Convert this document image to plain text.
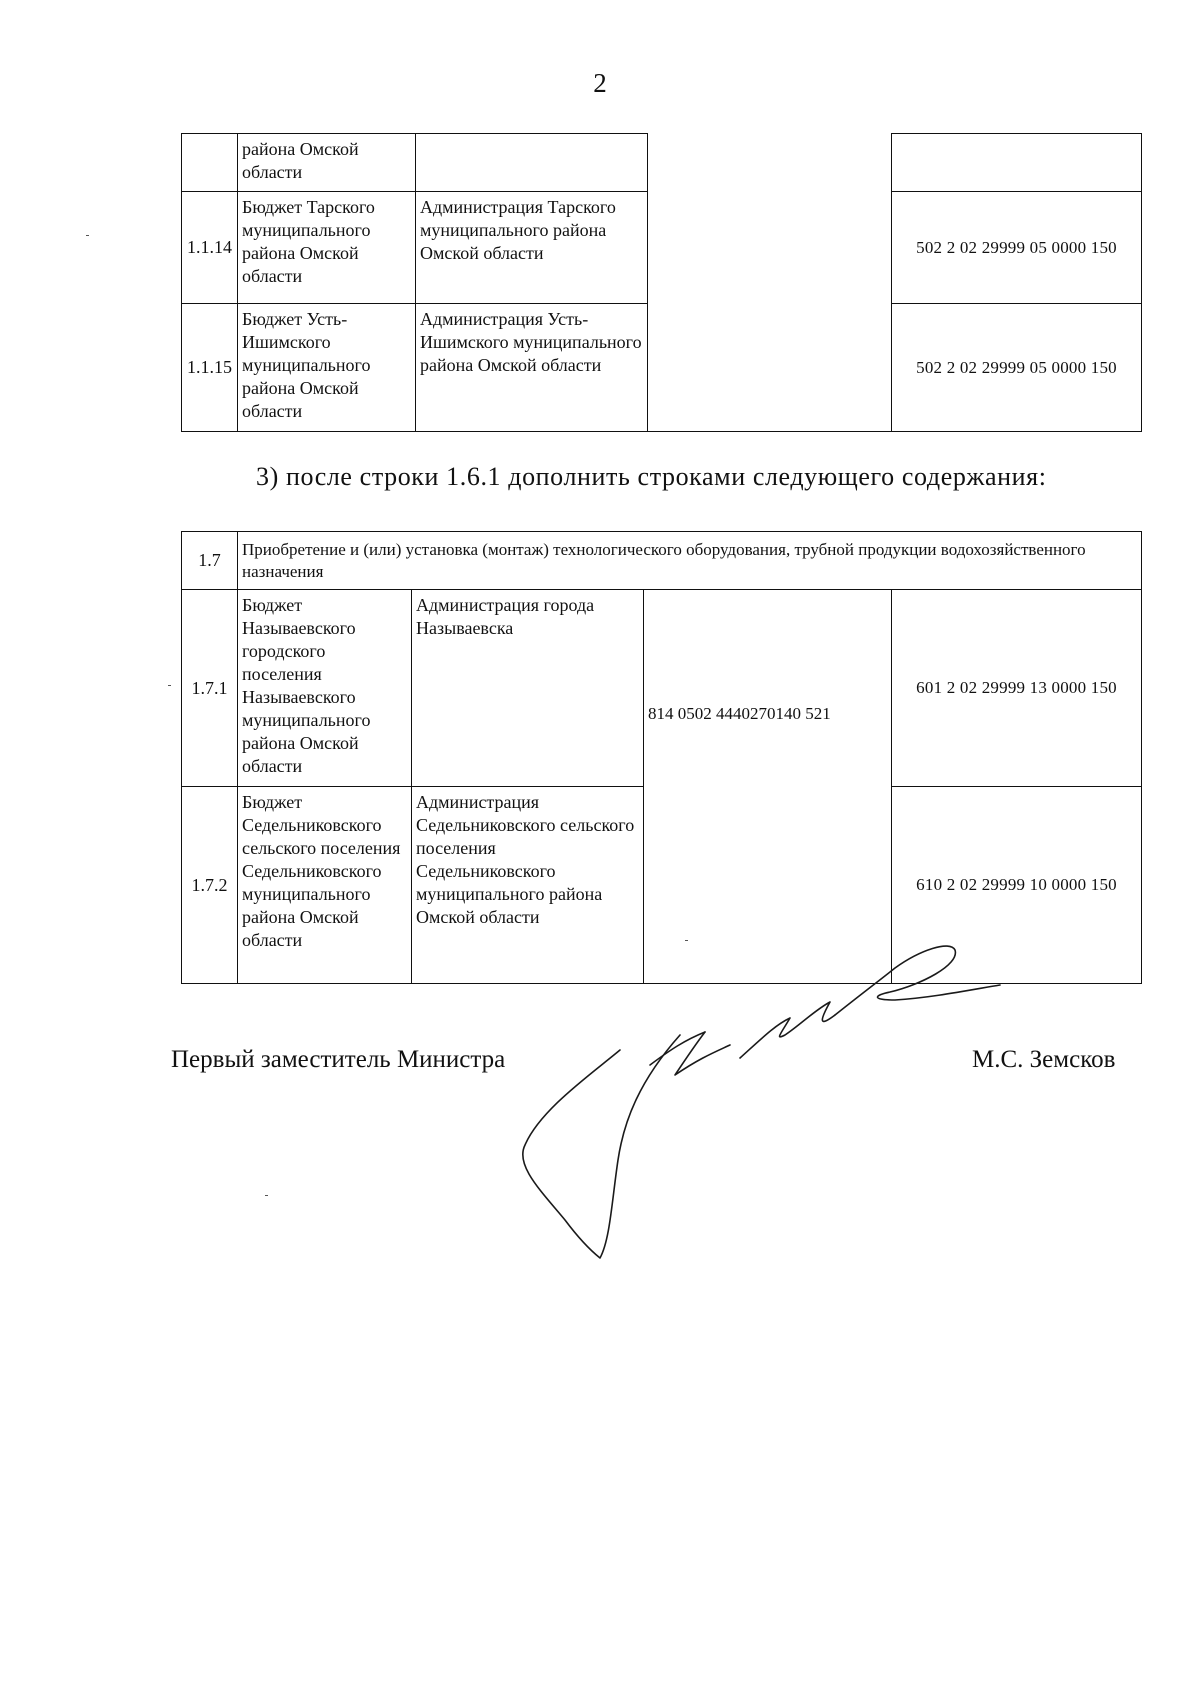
2
	района Омской области			
1.1.14	Бюджет Тарского муниципального района Омской области	Администрация Тарского муниципального района Омской области		502 2 02 29999 05 0000 150
1.1.15	Бюджет Усть-Ишимского муниципального района Омской области	Администрация Усть-Ишимского муниципального района Омской области		502 2 02 29999 05 0000 150
3) после строки 1.6.1 дополнить строками следующего содержания:
1.7	Приобретение и (или) установка (монтаж) технологического оборудования, трубной продукции водохозяйственного назначения			
1.7.1	Бюджет Называевского городского поселения Называевского муниципального района Омской области	Администрация города Называевска	814 0502 4440270140 521	601 2 02 29999 13 0000 150
1.7.2	Бюджет Седельниковского сельского поселения Седельниковского муниципального района Омской области	Администрация Седельниковского сельского поселения Седельниковского муниципального района Омской области		610 2 02 29999 10 0000 150
Первый заместитель Министра	М.С. Земсков
